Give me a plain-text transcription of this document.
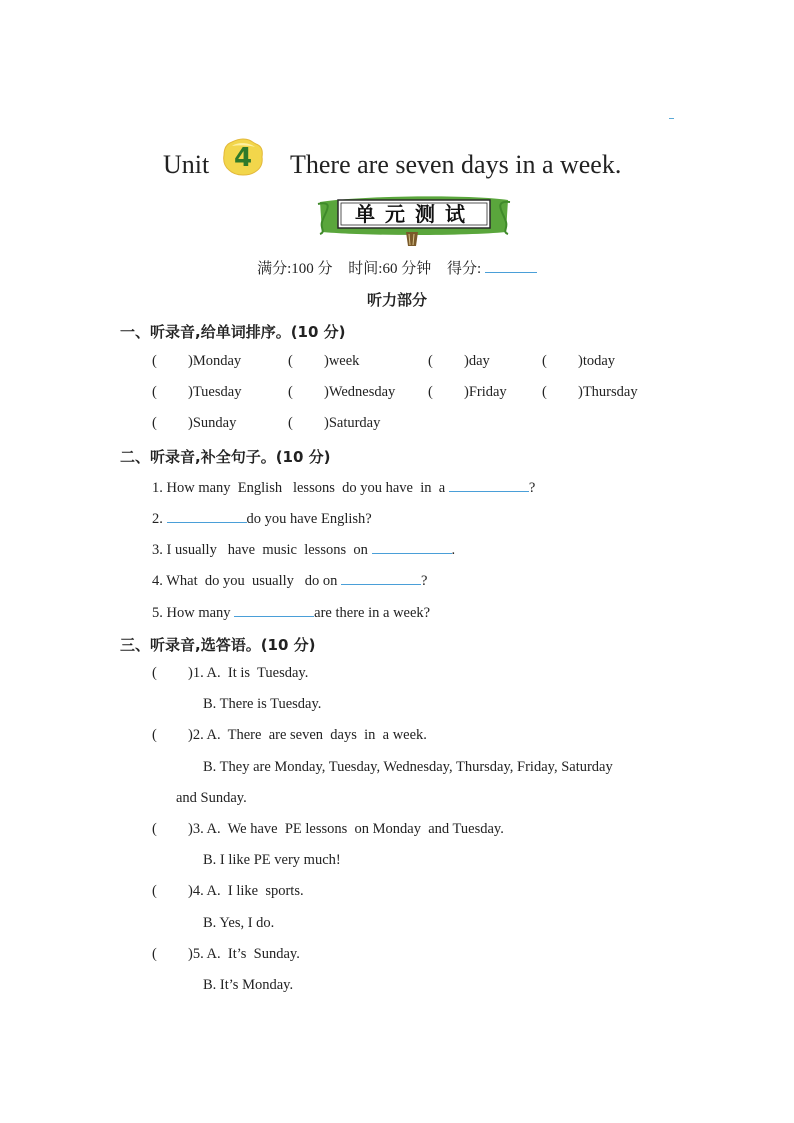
Unit 4 There are seven days in a week.
单元测试
满分:100 分 时间:60 分钟 得分:
听力部分
一、听录音,给单词排序。(10 分)
( )Monday	( )week	( )day	( )today
( )Tuesday	( )Wednesday ( )Friday ( )Thursday
( )Sunday	( )Saturday
二、听录音,补全句子。(10 分)
1. How many  English   lessons  do you have  in  a	?
2.	do you have English?
3. I usually   have  music  lessons  on	.
4. What  do you  usually   do on	?
5. How many	are there in a week?
三、听录音,选答语。(10 分)
( )1. A.  It is  Tuesday.
B. There is Tuesday.
( )2. A.  There  are seven  days  in  a week.
B. They are Monday, Tuesday, Wednesday, Thursday, Friday, Saturday
and Sunday.
( )3. A.  We have  PE lessons  on Monday  and Tuesday.
B. I like PE very much!
( )4. A.  I like  sports.
B. Yes, I do.
( )5. A.  It’s  Sunday.
B. It’s Monday.
